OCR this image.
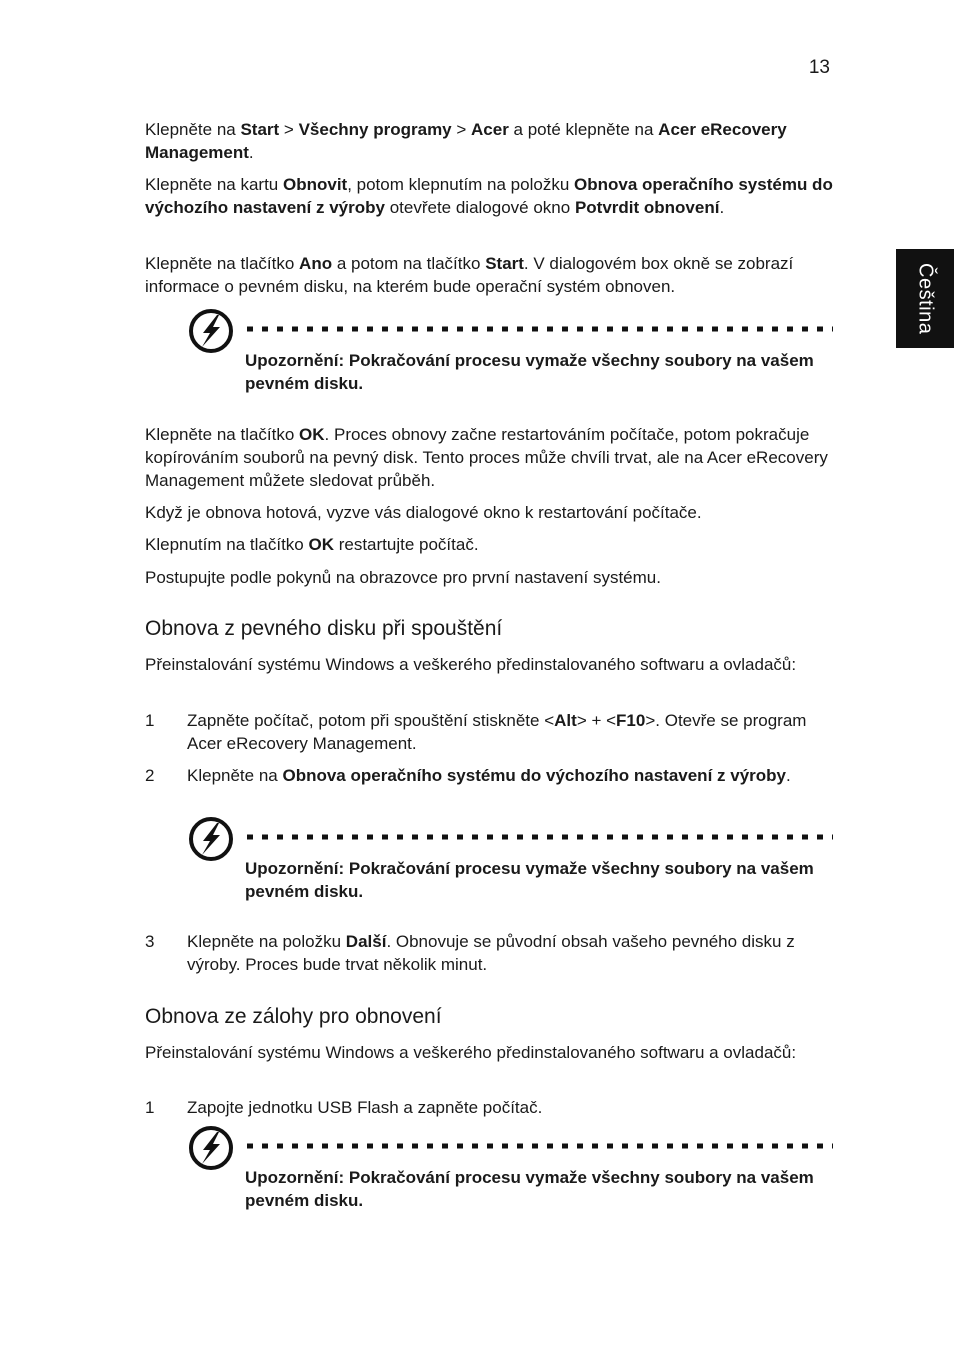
13
Čeština

Klepněte na Start > Všechny programy > Acer a poté klepněte na Acer eRecovery Management.

Klepněte na kartu Obnovit, potom klepnutím na položku Obnova operačního systému do výchozího nastavení z výroby otevřete dialogové okno Potvrdit obnovení.

Klepněte na tlačítko Ano a potom na tlačítko Start. V dialogovém box okně se zobrazí informace o pevném disku, na kterém bude operační systém obnoven.

Upozornění: Pokračování procesu vymaže všechny soubory na vašem pevném disku.

Klepněte na tlačítko OK. Proces obnovy začne restartováním počítače, potom pokračuje kopírováním souborů na pevný disk. Tento proces může chvíli trvat, ale na Acer eRecovery Management můžete sledovat průběh.

Když je obnova hotová, vyzve vás dialogové okno k restartování počítače.

Klepnutím na tlačítko OK restartujte počítač.

Postupujte podle pokynů na obrazovce pro první nastavení systému.

Obnova z pevného disku při spouštění

Přeinstalování systému Windows a veškerého předinstalovaného softwaru a ovladačů:

1	Zapněte počítač, potom při spouštění stiskněte <Alt> + <F10>. Otevře se program Acer eRecovery Management.

2	Klepněte na Obnova operačního systému do výchozího nastavení z výroby.

Upozornění: Pokračování procesu vymaže všechny soubory na vašem pevném disku.

3	Klepněte na položku Další. Obnovuje se původní obsah vašeho pevného disku z výroby. Proces bude trvat několik minut.

Obnova ze zálohy pro obnovení

Přeinstalování systému Windows a veškerého předinstalovaného softwaru a ovladačů:

1	Zapojte jednotku USB Flash a zapněte počítač.

Upozornění: Pokračování procesu vymaže všechny soubory na vašem pevném disku.
